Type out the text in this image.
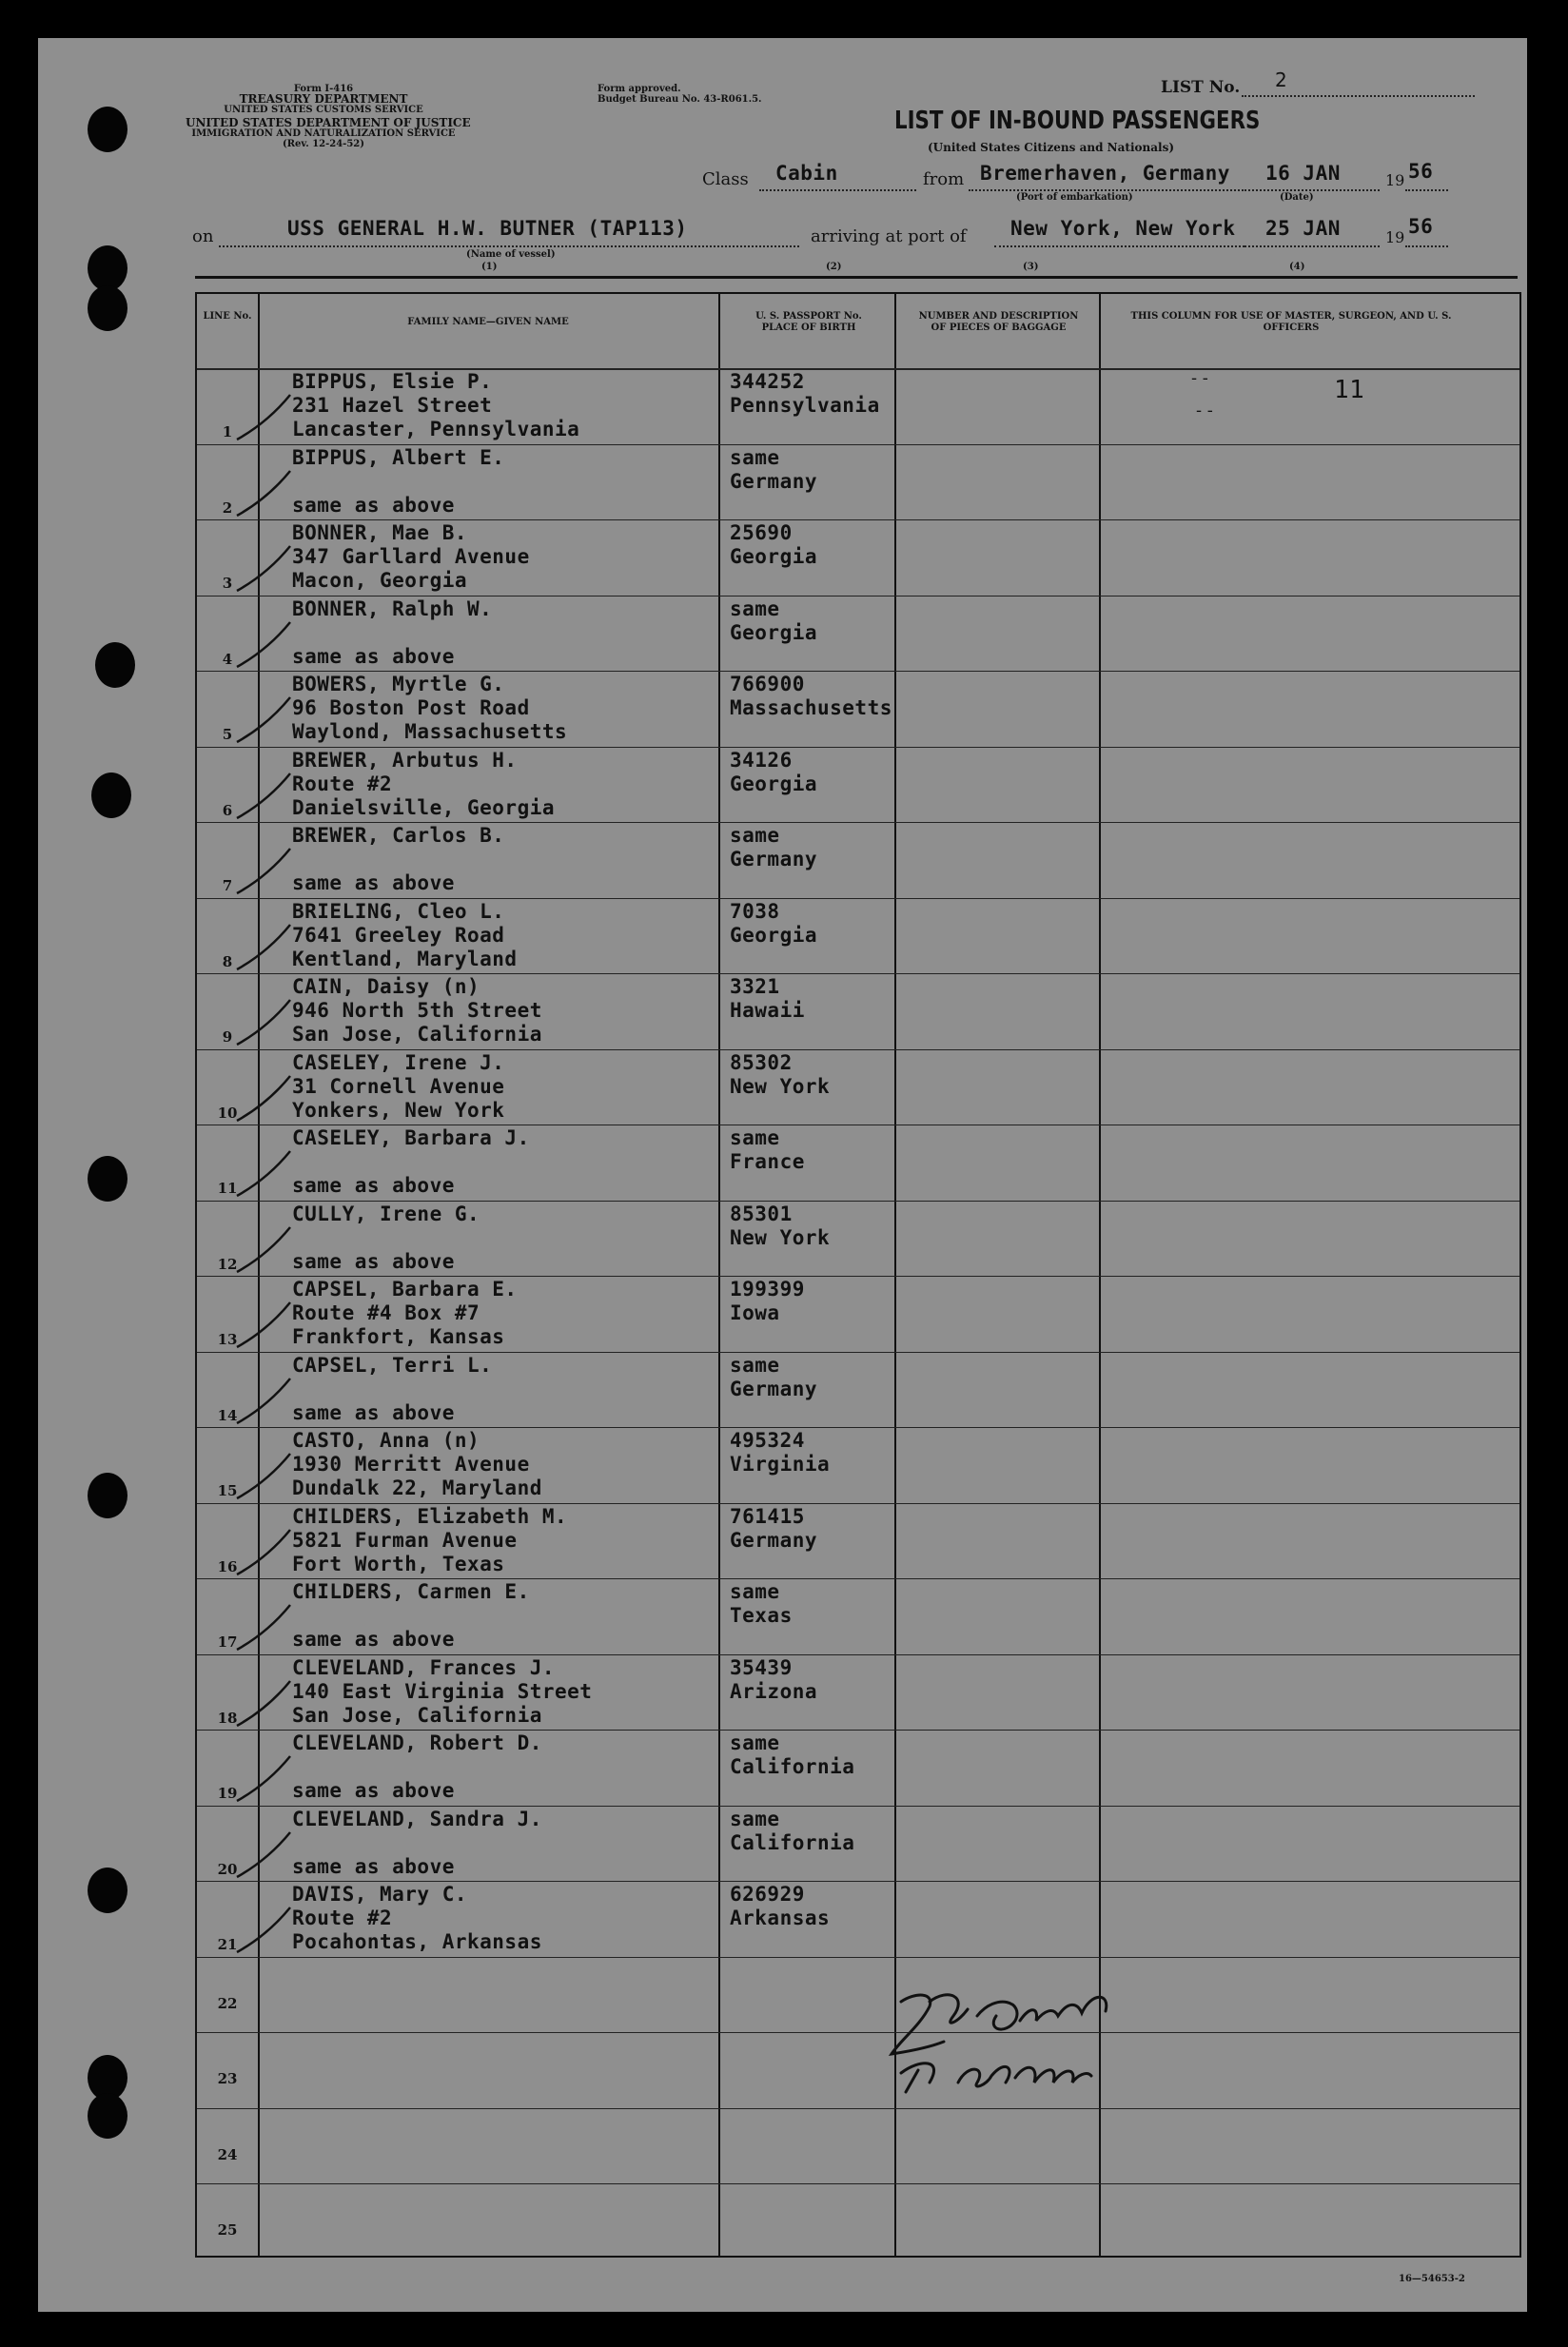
Form I-416
TREASURY DEPARTMENT
UNITED STATES CUSTOMS SERVICE
UNITED STATES DEPARTMENT OF JUSTICE
IMMIGRATION AND NATURALIZATION SERVICE
(Rev. 12-24-52)
Form approved.
Budget Bureau No. 43-R061.5.
LIST No. 2
LIST OF IN-BOUND PASSENGERS
(United States Citizens and Nationals)
Class Cabin	from Bremerhaven, Germany
(Port of embarkation)
16 JAN
(Date)
19 56
on	USS GENERAL H.W. BUTNER (TAP113)
(Name of vessel)
(1)
arriving at port of
(2)
New York, New York
(3)
25 JAN
(4)
19 56
LINE No.
FAMILY NAME—GIVEN NAME
U. S. PASSPORT No. PLACE OF BIRTH
NUMBER AND DESCRIPTION OF PIECES OF BAGGAGE
THIS COLUMN FOR USE OF MASTER, SURGEON, AND U. S. OFFICERS
1
BIPPUS, Elsie P.
231 Hazel Street
Lancaster, Pennsylvania
344252
Pennsylvania
2
BIPPUS, Albert E.
same as above
same
Germany
3
BONNER, Mae B.
347 Garllard Avenue
Macon, Georgia
25690
Georgia
4
BONNER, Ralph W.
same as above
same
Georgia
5
BOWERS, Myrtle G.
96 Boston Post Road
Waylond, Massachusetts
766900
Massachusetts
6
BREWER, Arbutus H.
Route #2
Danielsville, Georgia
34126
Georgia
7
BREWER, Carlos B.
same as above
same
Germany
8
BRIELING, Cleo L.
7641 Greeley Road
Kentland, Maryland
7038
Georgia
9
CAIN, Daisy (n)
946 North 5th Street
San Jose, California
3321
Hawaii
10
CASELEY, Irene J.
31 Cornell Avenue
Yonkers, New York
85302
New York
11
CASELEY, Barbara J.
same as above
same
France
12
CULLY, Irene G.
same as above
85301
New York
13
CAPSEL, Barbara E.
Route #4 Box #7
Frankfort, Kansas
199399
Iowa
14
CAPSEL, Terri L.
same as above
same
Germany
15
CASTO, Anna (n)
1930 Merritt Avenue
Dundalk 22, Maryland
495324
Virginia
16
CHILDERS, Elizabeth M.
5821 Furman Avenue
Fort Worth, Texas
761415
Germany
17
CHILDERS, Carmen E.
same as above
same
Texas
18
CLEVELAND, Frances J.
140 East Virginia Street
San Jose, California
35439
Arizona
19
CLEVELAND, Robert D.
same as above
same
California
20
CLEVELAND, Sandra J.
same as above
same
California
21
DAVIS, Mary C.
Route #2
Pocahontas, Arkansas
626929
Arkansas
22
23
24
25
11
- -
- -
16—54653-2
